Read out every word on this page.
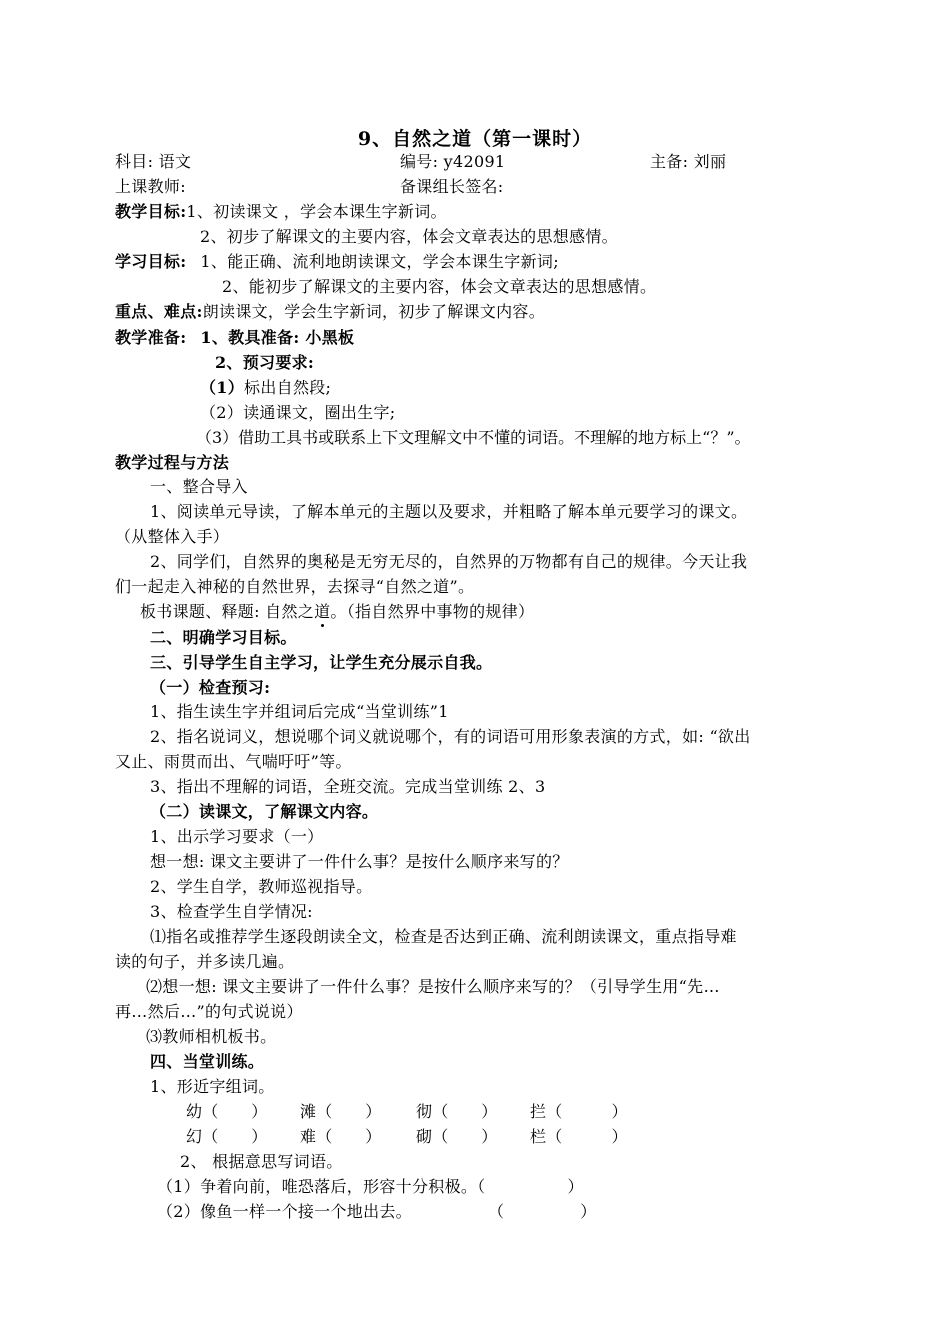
9、自然之道（第一课时）
科目: 语文	编号: y42091	主备: 刘丽
上课教师:	备课组长签名:
教学目标:1、初读课文 ，学会本课生字新词。
2、初步了解课文的主要内容，体会文章表达的思想感情。
学习目标: 1、能正确、流利地朗读课文，学会本课生字新词;
2、能初步了解课文的主要内容，体会文章表达的思想感情。
重点、难点:朗读课文，学会生字新词，初步了解课文内容。
教学准备: 1、教具准备: 小黑板
2、预习要求:
（1）标出自然段;
（2）读通课文，圈出生字;
（3）借助工具书或联系上下文理解文中不懂的词语。不理解的地方标上“？”。
教学过程与方法
一、整合导入
1、阅读单元导读，了解本单元的主题以及要求，并粗略了解本单元要学习的课文。
（从整体入手）
2、同学们，自然界的奥秘是无穷无尽的，自然界的万物都有自己的规律。今天让我
们一起走入神秘的自然世界，去探寻“自然之道”。
板书课题、释题: 自然之道。（指自然界中事物的规律）
二、明确学习目标。
三、引导学生自主学习，让学生充分展示自我。
（一）检查预习:
1、指生读生字并组词后完成“当堂训练”1
2、指名说词义，想说哪个词义就说哪个，有的词语可用形象表演的方式，如: “欲出
又止、雨贯而出、气喘吁吁”等。
3、指出不理解的词语，全班交流。完成当堂训练 2、3
（二）读课文，了解课文内容。
1、出示学习要求（一）
想一想: 课文主要讲了一件什么事？是按什么顺序来写的？
2、学生自学，教师巡视指导。
3、检查学生自学情况:
⑴指名或推荐学生逐段朗读全文，检查是否达到正确、流利朗读课文，重点指导难
读的句子，并多读几遍。
⑵想一想: 课文主要讲了一件什么事？是按什么顺序来写的？（引导学生用“先…
再…然后…”的句式说说）
⑶教师相机板书。
四、当堂训练。
1、形近字组词。
幼（　　） 滩（　　） 彻（　　） 拦（　　　）
幻（　　） 难（　　） 砌（　　） 栏（　　　）
2、 根据意思写词语。
（1）争着向前，唯恐落后，形容十分积极。（	）
（2）像鱼一样一个接一个地出去。	（	）
